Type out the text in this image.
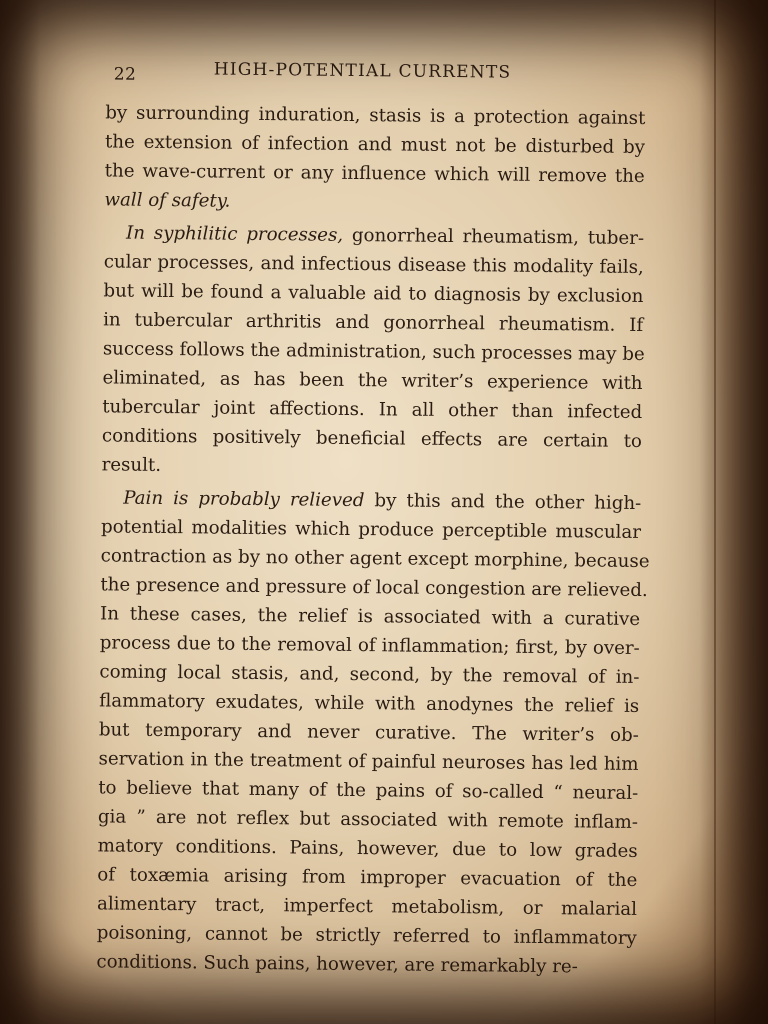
22	HIGH-POTENTIAL CURRENTS
by surrounding induration, stasis is a protection against
the extension of infection and must not be disturbed by
the wave-current or any influence which will remove the
wall of safety.
In syphilitic processes, gonorrheal rheumatism, tuber-
cular processes, and infectious disease this modality fails,
but will be found a valuable aid to diagnosis by exclusion
in tubercular arthritis and gonorrheal rheumatism. If
success follows the administration, such processes may be
eliminated, as has been the writer’s experience with
tubercular joint affections. In all other than infected
conditions positively beneficial effects are certain to
result.
Pain is probably relieved by this and the other high-
potential modalities which produce perceptible muscular
contraction as by no other agent except morphine, because
the presence and pressure of local congestion are relieved.
In these cases, the relief is associated with a curative
process due to the removal of inflammation; first, by over-
coming local stasis, and, second, by the removal of in-
flammatory exudates, while with anodynes the relief is
but temporary and never curative. The writer’s ob-
servation in the treatment of painful neuroses has led him
to believe that many of the pains of so-called “ neural-
gia ” are not reflex but associated with remote inflam-
matory conditions. Pains, however, due to low grades
of toxæmia arising from improper evacuation of the
alimentary tract, imperfect metabolism, or malarial
poisoning, cannot be strictly referred to inflammatory
conditions. Such pains, however, are remarkably re-
